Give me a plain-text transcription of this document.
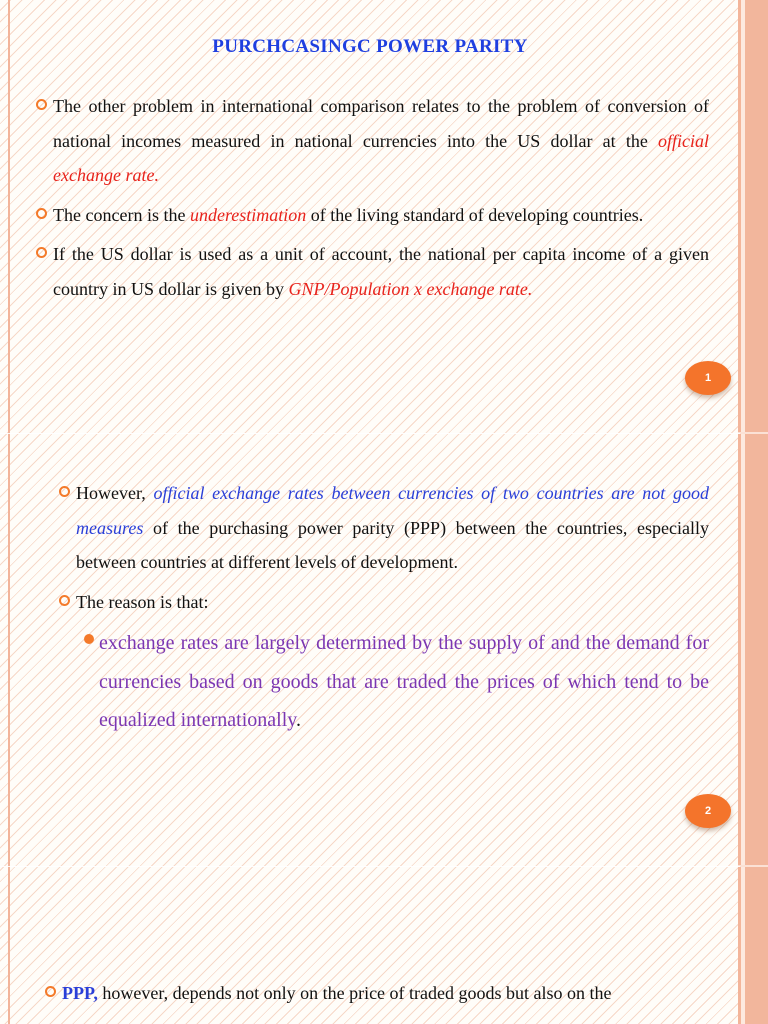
PURCHCASINGC POWER PARITY
The other problem in international comparison relates to the problem of conversion of national incomes measured in national currencies into the US dollar at the official exchange rate.
The concern is the underestimation of the living standard of developing countries.
If the US dollar is used as a unit of account, the national per capita income of a given country in US dollar is given by GNP/Population x exchange rate.
1
However, official exchange rates between currencies of two countries are not good measures of the purchasing power parity (PPP) between the countries, especially between countries at different levels of development.
The reason is that:
exchange rates are largely determined by the supply of and the demand for currencies based on goods that are traded the prices of which tend to be equalized internationally.
2
PPP, however, depends not only on the price of traded goods but also on the
